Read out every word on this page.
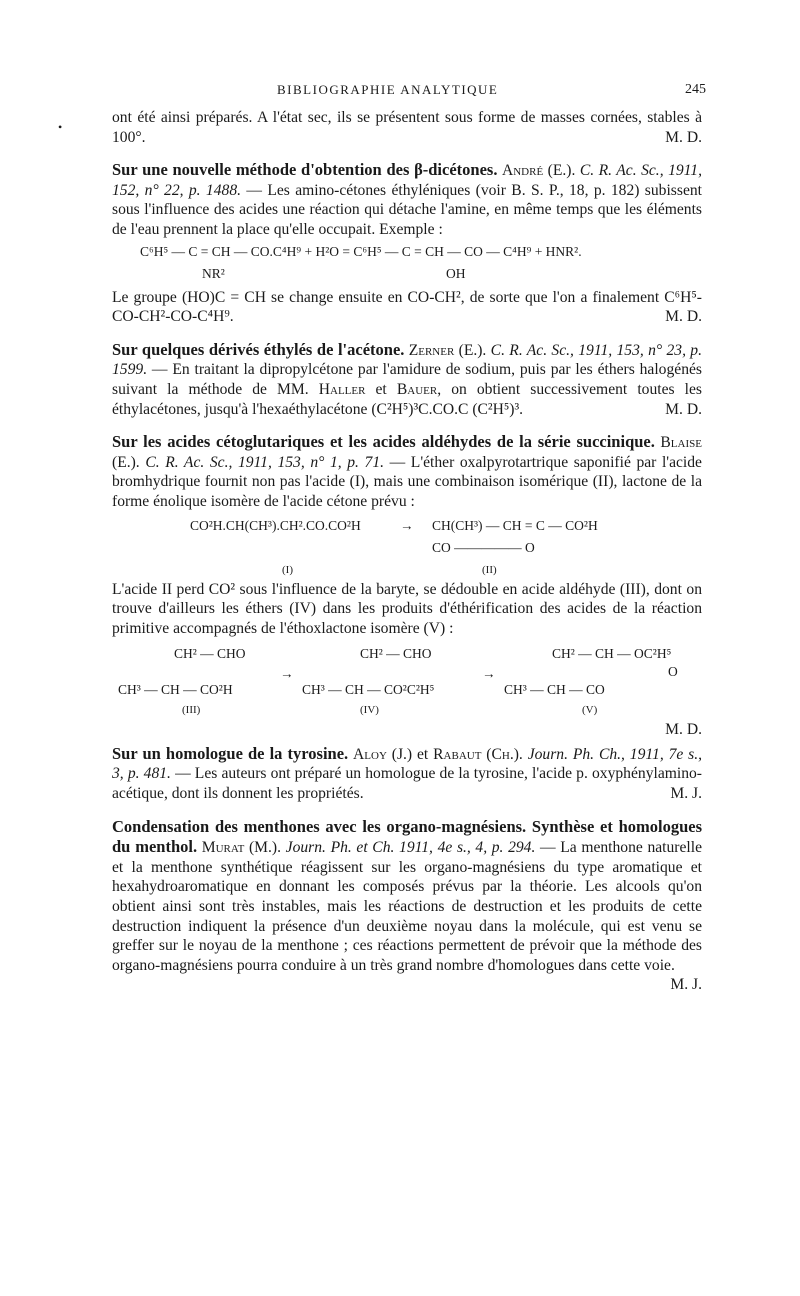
•
BIBLIOGRAPHIE ANALYTIQUE	245

ont été ainsi préparés. A l'état sec, ils se présentent sous forme de masses cornées, stables à 100°.	M. D.

Sur une nouvelle méthode d'obtention des β-dicétones. André (E.). C. R. Ac. Sc., 1911, 152, n° 22, p. 1488. — Les amino-cétones éthyléniques (voir B. S. P., 18, p. 182) subissent sous l'influence des acides une réaction qui détache l'amine, en même temps que les éléments de l'eau prennent la place qu'elle occupait. Exemple :

C⁶H⁵ — C = CH — CO.C⁴H⁹ + H²O = C⁶H⁵ — C = CH — CO — C⁴H⁹ + HNR².
NR²	OH

Le groupe (HO)C = CH se change ensuite en CO-CH², de sorte que l'on a finalement C⁶H⁵-CO-CH²-CO-C⁴H⁹.	M. D.

Sur quelques dérivés éthylés de l'acétone. Zerner (E.). C. R. Ac. Sc., 1911, 153, n° 23, p. 1599. — En traitant la dipropylcétone par l'amidure de sodium, puis par les éthers halogénés suivant la méthode de MM. Haller et Bauer, on obtient successivement toutes les éthylacétones, jusqu'à l'hexaéthylacétone (C²H⁵)³C.CO.C (C²H⁵)³.	M. D.

Sur les acides cétoglutariques et les acides aldéhydes de la série succinique. Blaise (E.). C. R. Ac. Sc., 1911, 153, n° 1, p. 71. — L'éther oxalpyrotartrique saponifié par l'acide bromhydrique fournit non pas l'acide (I), mais une combinaison isomérique (II), lactone de la forme énolique isomère de l'acide cétone prévu :

CO²H.CH(CH³).CH².CO.CO²H	→ CH(CH³) — CH = C — CO²H
CO ————— O
(I)	(II)

L'acide II perd CO² sous l'influence de la baryte, se dédouble en acide aldéhyde (III), dont on trouve d'ailleurs les éthers (IV) dans les produits d'éthérification des acides de la réaction primitive accompagnés de l'éthoxlactone isomère (V) :

CH² — CHO
CH³ — CH — CO²H
→
CH² — CHO
CH³ — CH — CO²C²H⁵
→
CH² — CH — OC²H⁵
O
CH³ — CH — CO
(III)	(IV)	(V)

M. D.

Sur un homologue de la tyrosine. Aloy (J.) et Rabaut (Ch.). Journ. Ph. Ch., 1911, 7e s., 3, p. 481. — Les auteurs ont préparé un homologue de la tyrosine, l'acide p. oxyphénylamino-acétique, dont ils donnent les propriétés.	M. J.

Condensation des menthones avec les organo-magnésiens. Synthèse et homologues du menthol. Murat (M.). Journ. Ph. et Ch. 1911, 4e s., 4, p. 294. — La menthone naturelle et la menthone synthétique réagissent sur les organo-magnésiens du type aromatique et hexahydroaromatique en donnant les composés prévus par la théorie. Les alcools qu'on obtient ainsi sont très instables, mais les réactions de destruction et les produits de cette destruction indiquent la présence d'un deuxième noyau dans la molécule, qui est venu se greffer sur le noyau de la menthone ; ces réactions permettent de prévoir que la méthode des organo-magnésiens pourra conduire à un très grand nombre d'homologues dans cette voie.
M. J.
